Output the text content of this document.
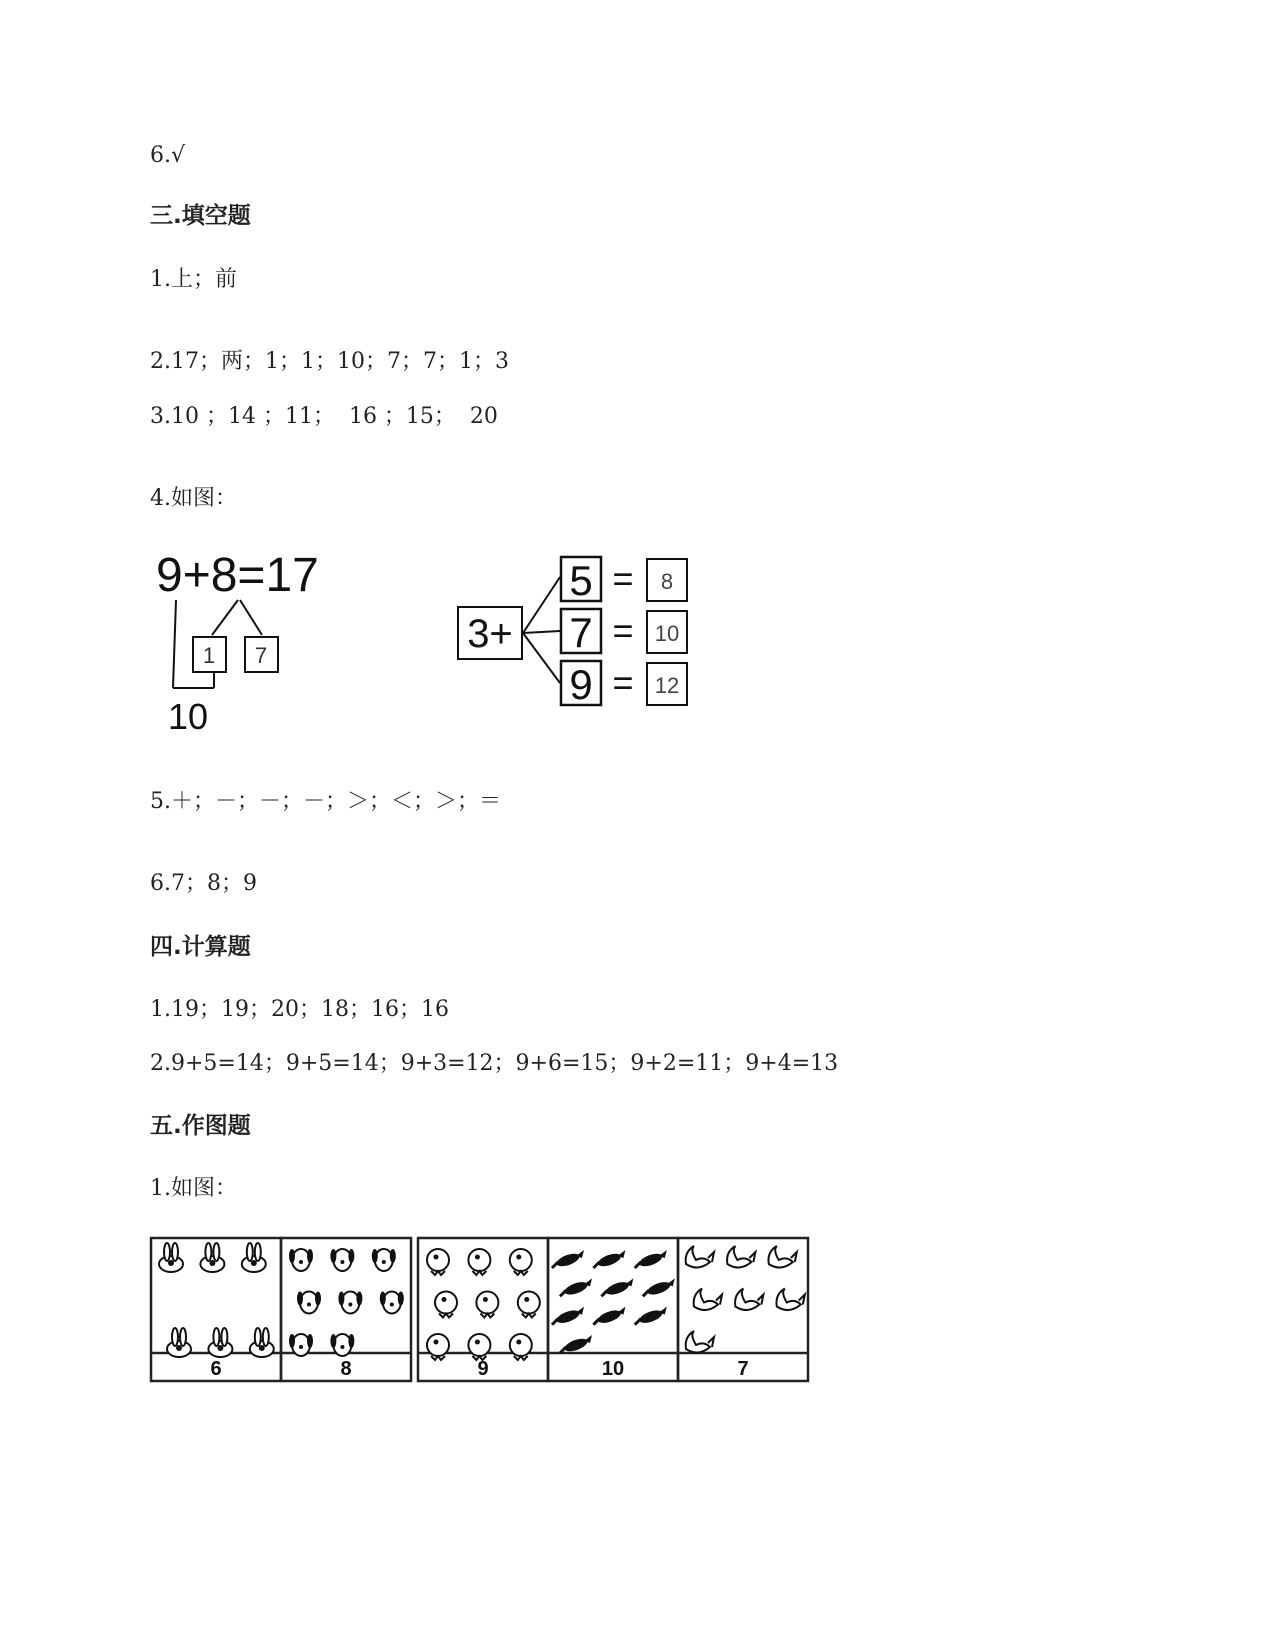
6.√
三.填空题
1.上；前
2.17；两；1；1；10；7；7；1；3
3.10 ；14 ；11；  16 ；15；  20
4.如图：
9+8=17
1 7
10
3+
5 = 8
7 = 10
9 = 12
5.＋；－；－；－；＞；＜；＞；＝
6.7；8；9
四.计算题
1.19；19；20；18；16；16
2.9+5=14；9+5=14；9+3=12；9+6=15；9+2=11；9+4=13
五.作图题
1.如图：
6	8	9	10	7
